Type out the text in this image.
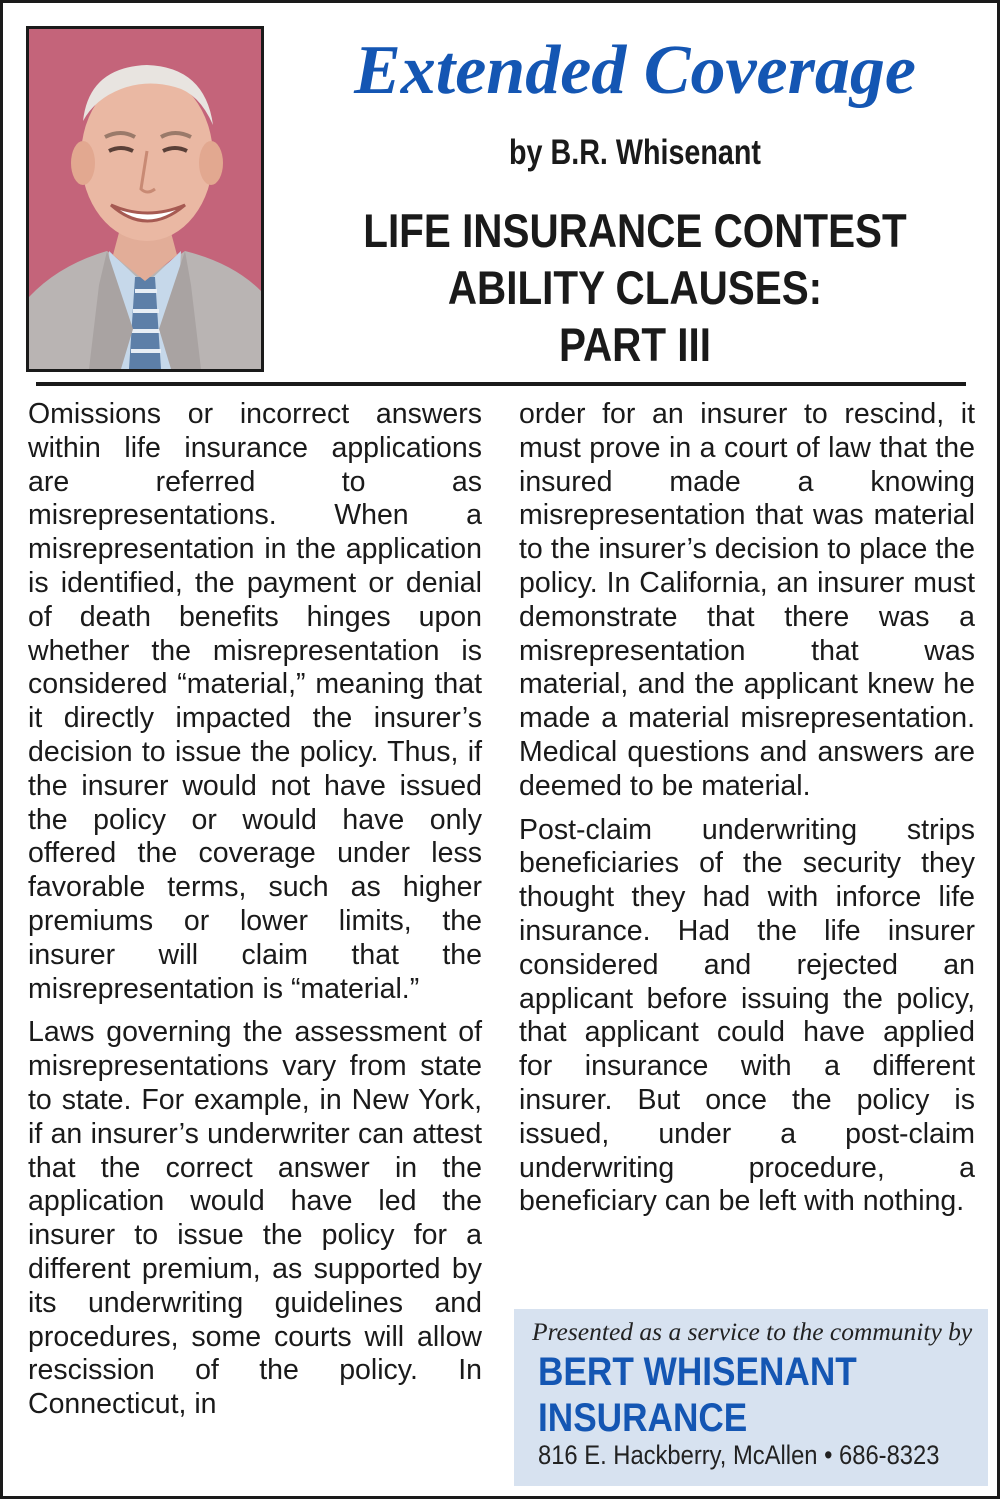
Extended Coverage
by B.R. Whisenant
LIFE INSURANCE CONTEST
ABILITY CLAUSES:
PART III

Omissions or incorrect answers within life insurance applications are referred to as misrepresentations. When a misrepresentation in the application is identified, the payment or denial of death benefits hinges upon whether the misrepresentation is considered “material,” meaning that it directly impacted the insurer’s decision to issue the policy. Thus, if the insurer would not have issued the policy or would have only offered the coverage under less favorable terms, such as higher premiums or lower limits, the insurer will claim that the misrepresentation is “material.”

Laws governing the assessment of misrepresentations vary from state to state. For example, in New York, if an insurer’s underwriter can attest that the correct answer in the application would have led the insurer to issue the policy for a different premium, as supported by its underwriting guidelines and procedures, some courts will allow rescission of the policy. In Connecticut, in

order for an insurer to rescind, it must prove in a court of law that the insured made a knowing misrepresentation that was material to the insurer’s decision to place the policy. In California, an insurer must demonstrate that there was a misrepresentation that was material, and the applicant knew he made a material misrepresentation. Medical questions and answers are deemed to be material.

Post-claim underwriting strips beneficiaries of the security they thought they had with inforce life insurance. Had the life insurer considered and rejected an applicant before issuing the policy, that applicant could have applied for insurance with a different insurer. But once the policy is issued, under a post-claim underwriting procedure, a beneficiary can be left with nothing.

Presented as a service to the community by
BERT WHISENANT
INSURANCE
816 E. Hackberry, McAllen • 686-8323
